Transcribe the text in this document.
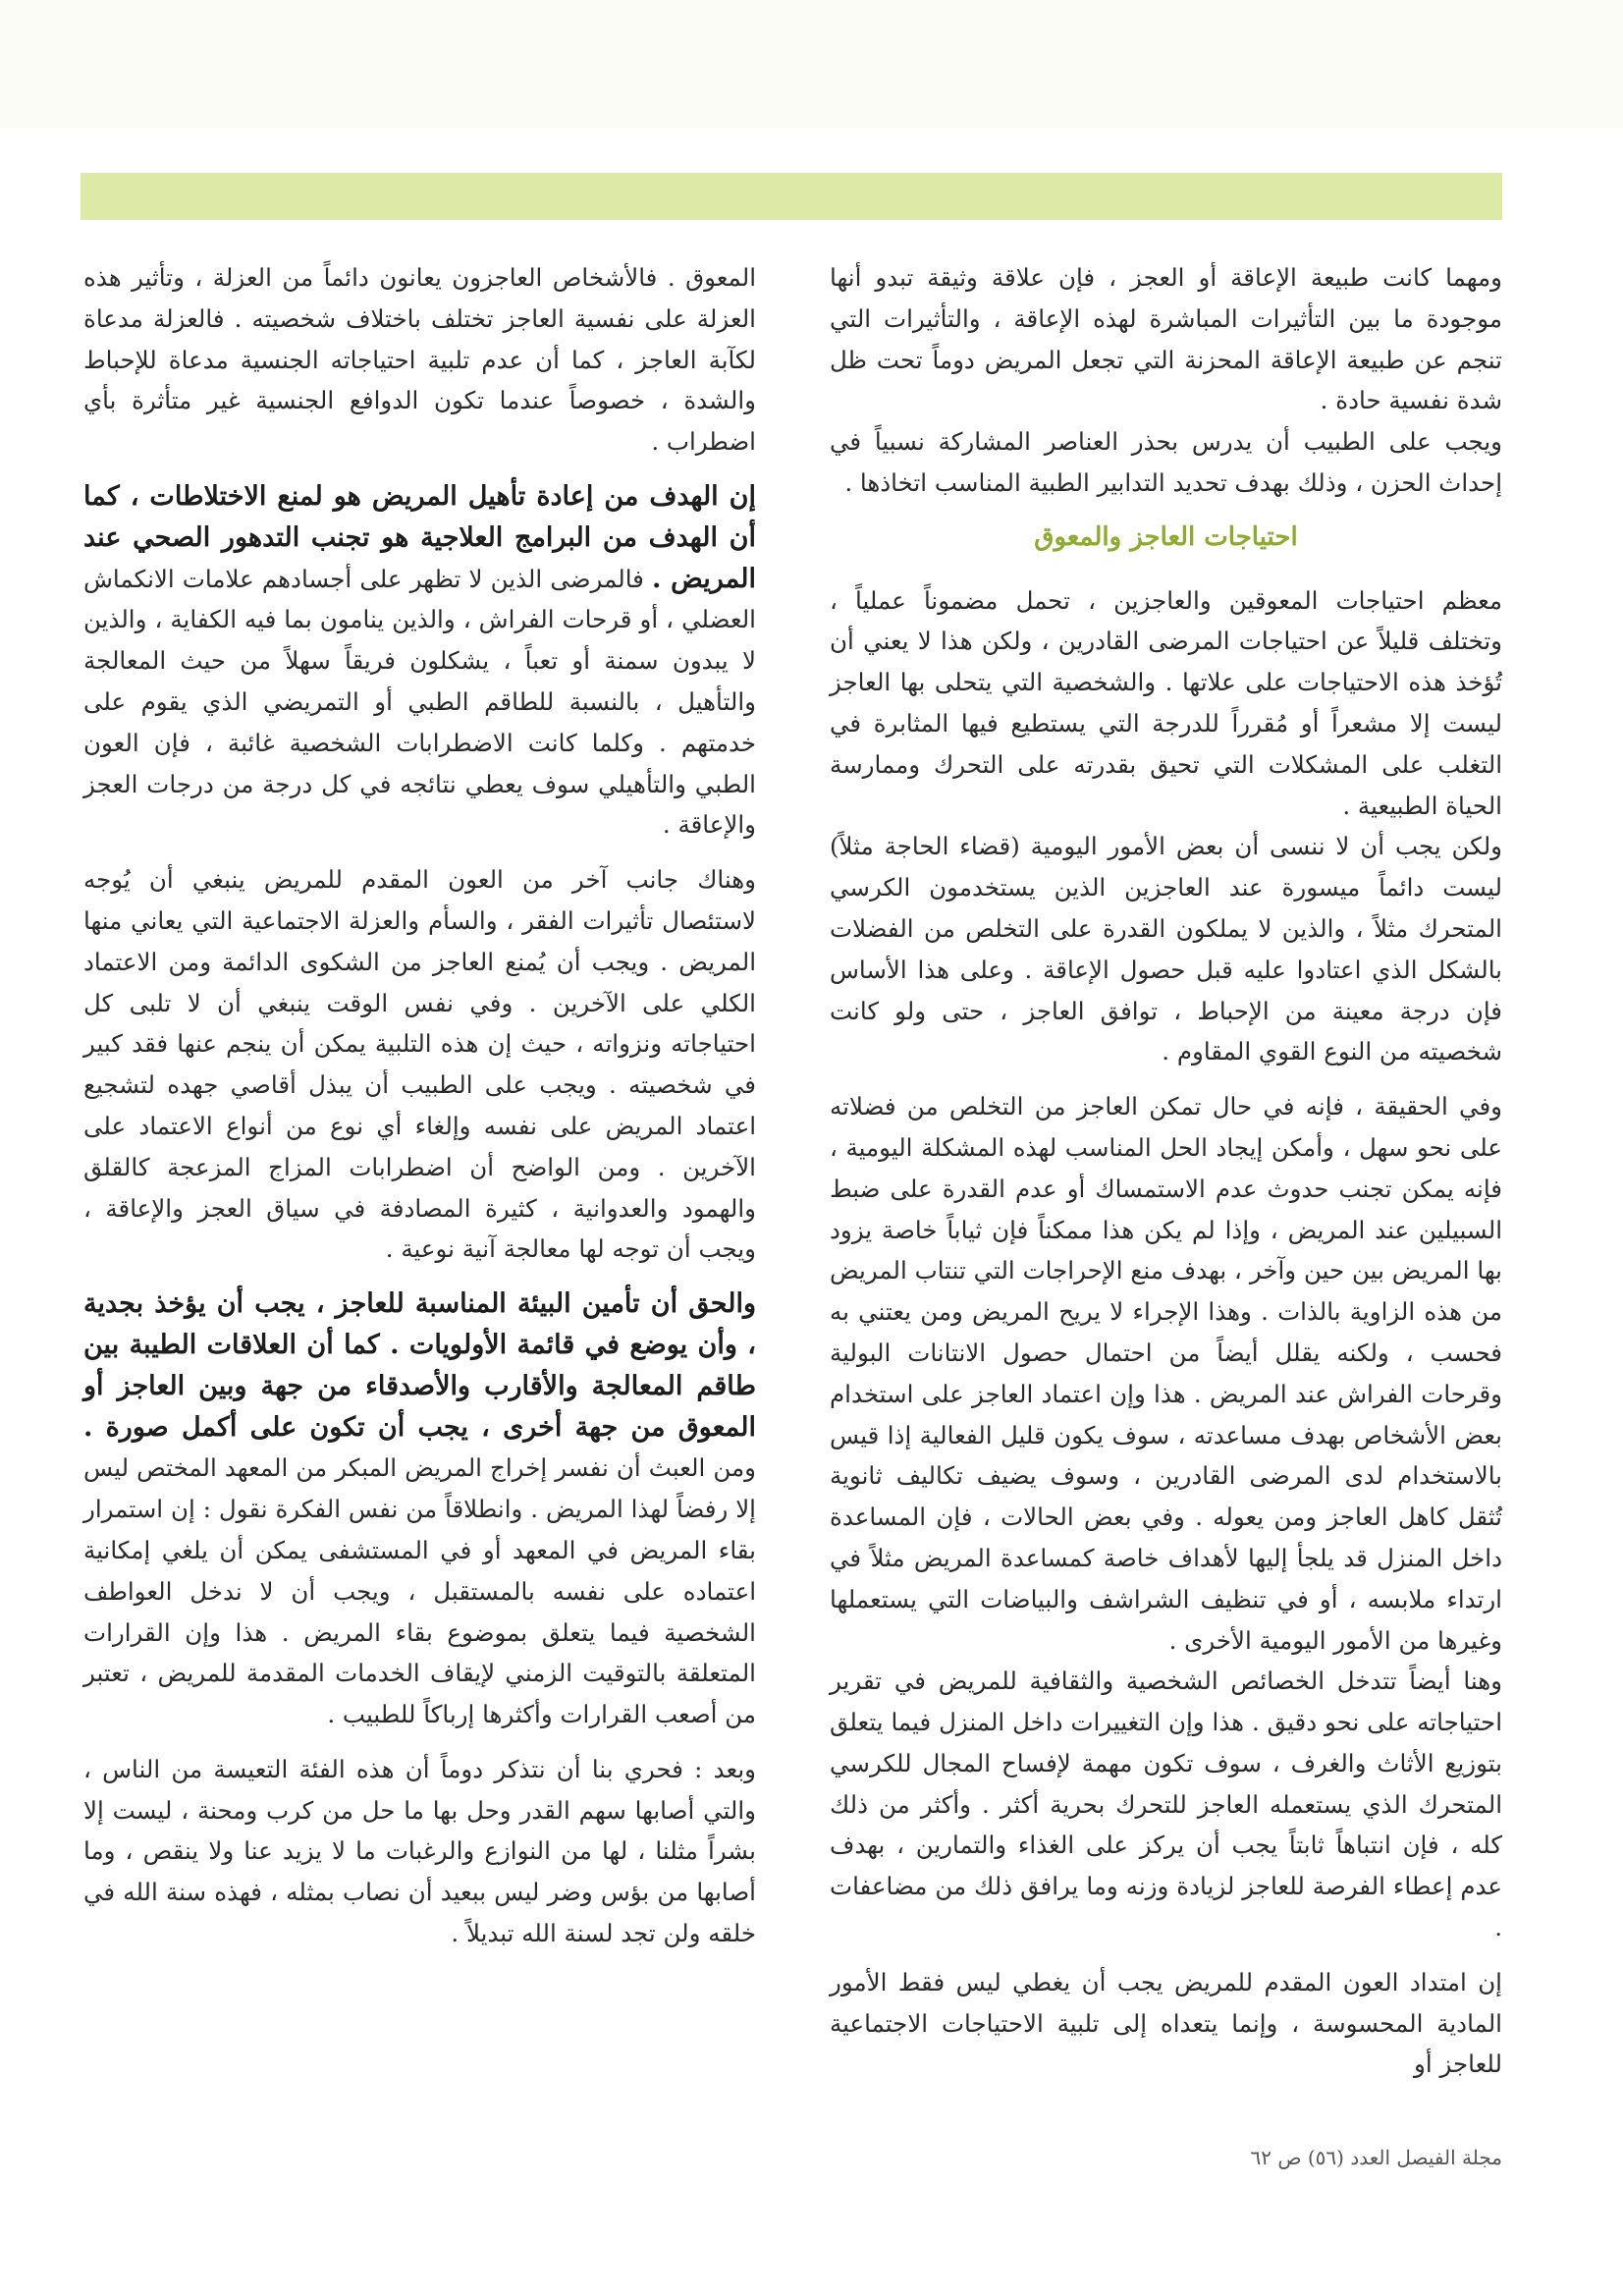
ومهما كانت طبيعة الإعاقة أو العجز ، فإن علاقة وثيقة تبدو أنها موجودة ما بين التأثيرات المباشرة لهذه الإعاقة ، والتأثيرات التي تنجم عن طبيعة الإعاقة المحزنة التي تجعل المريض دوماً تحت ظل شدة نفسية حادة .

ويجب على الطبيب أن يدرس بحذر العناصر المشاركة نسبياً في إحداث الحزن ، وذلك بهدف تحديد التدابير الطبية المناسب اتخاذها .

احتياجات العاجز والمعوق

معظم احتياجات المعوقين والعاجزين ، تحمل مضموناً عملياً ، وتختلف قليلاً عن احتياجات المرضى القادرين ، ولكن هذا لا يعني أن تُؤخذ هذه الاحتياجات على علاتها . والشخصية التي يتحلى بها العاجز ليست إلا مشعراً أو مُقرراً للدرجة التي يستطيع فيها المثابرة في التغلب على المشكلات التي تحيق بقدرته على التحرك وممارسة الحياة الطبيعية .

ولكن يجب أن لا ننسى أن بعض الأمور اليومية (قضاء الحاجة مثلاً) ليست دائماً ميسورة عند العاجزين الذين يستخدمون الكرسي المتحرك مثلاً ، والذين لا يملكون القدرة على التخلص من الفضلات بالشكل الذي اعتادوا عليه قبل حصول الإعاقة . وعلى هذا الأساس فإن درجة معينة من الإحباط ، توافق العاجز ، حتى ولو كانت شخصيته من النوع القوي المقاوم .

وفي الحقيقة ، فإنه في حال تمكن العاجز من التخلص من فضلاته على نحو سهل ، وأمكن إيجاد الحل المناسب لهذه المشكلة اليومية ، فإنه يمكن تجنب حدوث عدم الاستمساك أو عدم القدرة على ضبط السبيلين عند المريض ، وإذا لم يكن هذا ممكناً فإن ثياباً خاصة يزود بها المريض بين حين وآخر ، بهدف منع الإحراجات التي تنتاب المريض من هذه الزاوية بالذات . وهذا الإجراء لا يريح المريض ومن يعتني به فحسب ، ولكنه يقلل أيضاً من احتمال حصول الانتانات البولية وقرحات الفراش عند المريض . هذا وإن اعتماد العاجز على استخدام بعض الأشخاص بهدف مساعدته ، سوف يكون قليل الفعالية إذا قيس بالاستخدام لدى المرضى القادرين ، وسوف يضيف تكاليف ثانوية تُثقل كاهل العاجز ومن يعوله . وفي بعض الحالات ، فإن المساعدة داخل المنزل قد يلجأ إليها لأهداف خاصة كمساعدة المريض مثلاً في ارتداء ملابسه ، أو في تنظيف الشراشف والبياضات التي يستعملها وغيرها من الأمور اليومية الأخرى .

وهنا أيضاً تتدخل الخصائص الشخصية والثقافية للمريض في تقرير احتياجاته على نحو دقيق . هذا وإن التغييرات داخل المنزل فيما يتعلق بتوزيع الأثاث والغرف ، سوف تكون مهمة لإفساح المجال للكرسي المتحرك الذي يستعمله العاجز للتحرك بحرية أكثر . وأكثر من ذلك كله ، فإن انتباهاً ثابتاً يجب أن يركز على الغذاء والتمارين ، بهدف عدم إعطاء الفرصة للعاجز لزيادة وزنه وما يرافق ذلك من مضاعفات .

إن امتداد العون المقدم للمريض يجب أن يغطي ليس فقط الأمور المادية المحسوسة ، وإنما يتعداه إلى تلبية الاحتياجات الاجتماعية للعاجز أو

المعوق . فالأشخاص العاجزون يعانون دائماً من العزلة ، وتأثير هذه العزلة على نفسية العاجز تختلف باختلاف شخصيته . فالعزلة مدعاة لكآبة العاجز ، كما أن عدم تلبية احتياجاته الجنسية مدعاة للإحباط والشدة ، خصوصاً عندما تكون الدوافع الجنسية غير متأثرة بأي اضطراب .

إن الهدف من إعادة تأهيل المريض هو لمنع الاختلاطات ، كما أن الهدف من البرامج العلاجية هو تجنب التدهور الصحي عند المريض . فالمرضى الذين لا تظهر على أجسادهم علامات الانكماش العضلي ، أو قرحات الفراش ، والذين ينامون بما فيه الكفاية ، والذين لا يبدون سمنة أو تعباً ، يشكلون فريقاً سهلاً من حيث المعالجة والتأهيل ، بالنسبة للطاقم الطبي أو التمريضي الذي يقوم على خدمتهم . وكلما كانت الاضطرابات الشخصية غائبة ، فإن العون الطبي والتأهيلي سوف يعطي نتائجه في كل درجة من درجات العجز والإعاقة .

وهناك جانب آخر من العون المقدم للمريض ينبغي أن يُوجه لاستئصال تأثيرات الفقر ، والسأم والعزلة الاجتماعية التي يعاني منها المريض . ويجب أن يُمنع العاجز من الشكوى الدائمة ومن الاعتماد الكلي على الآخرين . وفي نفس الوقت ينبغي أن لا تلبى كل احتياجاته ونزواته ، حيث إن هذه التلبية يمكن أن ينجم عنها فقد كبير في شخصيته . ويجب على الطبيب أن يبذل أقاصي جهده لتشجيع اعتماد المريض على نفسه وإلغاء أي نوع من أنواع الاعتماد على الآخرين . ومن الواضح أن اضطرابات المزاج المزعجة كالقلق والهمود والعدوانية ، كثيرة المصادفة في سياق العجز والإعاقة ، ويجب أن توجه لها معالجة آنية نوعية .

والحق أن تأمين البيئة المناسبة للعاجز ، يجب أن يؤخذ بجدية ، وأن يوضع في قائمة الأولويات . كما أن العلاقات الطيبة بين طاقم المعالجة والأقارب والأصدقاء من جهة وبين العاجز أو المعوق من جهة أخرى ، يجب أن تكون على أكمل صورة . ومن العبث أن نفسر إخراج المريض المبكر من المعهد المختص ليس إلا رفضاً لهذا المريض . وانطلاقاً من نفس الفكرة نقول : إن استمرار بقاء المريض في المعهد أو في المستشفى يمكن أن يلغي إمكانية اعتماده على نفسه بالمستقبل ، ويجب أن لا ندخل العواطف الشخصية فيما يتعلق بموضوع بقاء المريض . هذا وإن القرارات المتعلقة بالتوقيت الزمني لإيقاف الخدمات المقدمة للمريض ، تعتبر من أصعب القرارات وأكثرها إرباكاً للطبيب .

وبعد : فحري بنا أن نتذكر دوماً أن هذه الفئة التعيسة من الناس ، والتي أصابها سهم القدر وحل بها ما حل من كرب ومحنة ، ليست إلا بشراً مثلنا ، لها من النوازع والرغبات ما لا يزيد عنا ولا ينقص ، وما أصابها من بؤس وضر ليس ببعيد أن نصاب بمثله ، فهذه سنة الله في خلقه ولن تجد لسنة الله تبديلاً .

مجلة الفيصل العدد (٥٦) ص ٦٢
